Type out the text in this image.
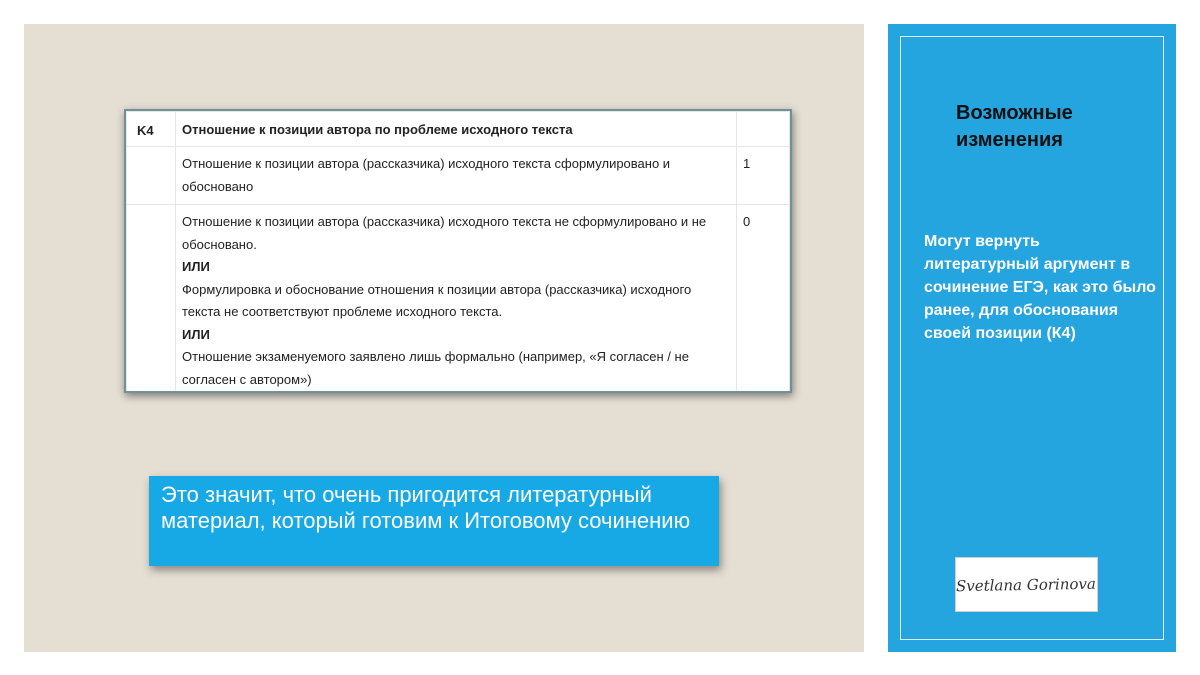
K4	Отношение к позиции автора по проблеме исходного текста	

	Отношение к позиции автора (рассказчика) исходного текста сформулировано и обосновано	1

	Отношение к позиции автора (рассказчика) исходного текста не сформулировано и не обосновано.
ИЛИ
Формулировка и обоснование отношения к позиции автора (рассказчика) исходного текста не соответствуют проблеме исходного текста.
ИЛИ
Отношение экзаменуемого заявлено лишь формально (например, «Я согласен / не согласен с автором»)	0
Это значит, что очень пригодится литературный материал, который готовим к Итоговому сочинению
Возможные изменения
Могут вернуть литературный аргумент в сочинение ЕГЭ, как это было ранее, для обоснования своей позиции (К4)
Svetlana Gorinova
